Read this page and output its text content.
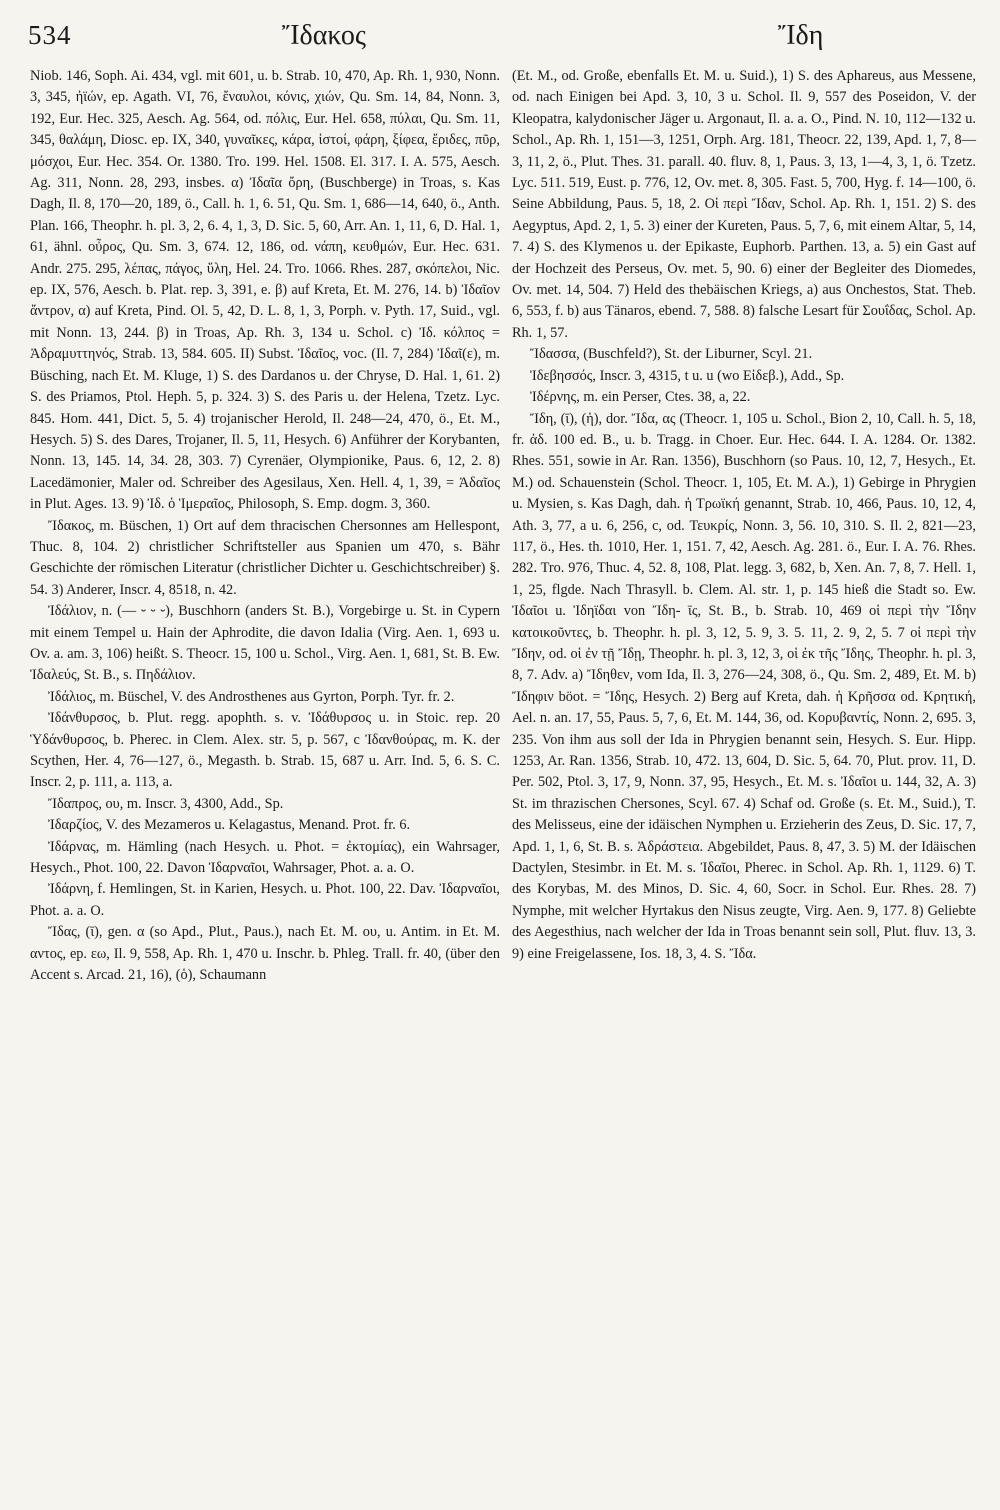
534	Ἴδακος	Ἴδη

Niob. 146, Soph. Ai. 434, vgl. mit 601, u. b. Strab. 10, 470, Ap. Rh. 1, 930, Nonn. 3, 345, ἠϊών, ep. Agath. VI, 76, ἔναυλοι, κόνις, χιών, Qu. Sm. 14, 84, Nonn. 3, 192, Eur. Hec. 325, Aesch. Ag. 564, od. πόλις, Eur. Hel. 658, πύλαι, Qu. Sm. 11, 345, θαλάμη, Diosc. ep. IX, 340, γυναῖκες, κάρα, ἱστοί, φάρη, ξίφεα, ἔριδες, πῦρ, μόσχοι, Eur. Hec. 354. Or. 1380. Tro. 199. Hel. 1508. El. 317. I. A. 575, Aesch. Ag. 311, Nonn. 28, 293, insbes. α) Ἰδαῖα ὄρη, (Buschberge) in Troas, s. Kas Dagh, Il. 8, 170—20, 189, ö., Call. h. 1, 6. 51, Qu. Sm. 1, 686—14, 640, ö., Anth. Plan. 166, Theophr. h. pl. 3, 2, 6. 4, 1, 3, D. Sic. 5, 60, Arr. An. 1, 11, 6, D. Hal. 1, 61, ähnl. οὖρος, Qu. Sm. 3, 674. 12, 186, od. νάπη, κευθμών, Eur. Hec. 631. Andr. 275. 295, λέπας, πάγος, ὕλη, Hel. 24. Tro. 1066. Rhes. 287, σκόπελοι, Nic. ep. IX, 576, Aesch. b. Plat. rep. 3, 391, e. β) auf Kreta, Et. M. 276, 14. b) Ἰδαῖον ἄντρον, α) auf Kreta, Pind. Ol. 5, 42, D. L. 8, 1, 3, Porph. v. Pyth. 17, Suid., vgl. mit Nonn. 13, 244. β) in Troas, Ap. Rh. 3, 134 u. Schol. c) Ἰδ. κόλπος = Ἀδραμυττηνός, Strab. 13, 584. 605. II) Subst. Ἰδαῖος, voc. (Il. 7, 284) Ἰδαῖ(ε), m. Büsching, nach Et. M. Kluge, 1) S. des Dardanos u. der Chryse, D. Hal. 1, 61. 2) S. des Priamos, Ptol. Heph. 5, p. 324. 3) S. des Paris u. der Helena, Tzetz. Lyc. 845. Hom. 441, Dict. 5, 5. 4) trojanischer Herold, Il. 248—24, 470, ö., Et. M., Hesych. 5) S. des Dares, Trojaner, Il. 5, 11, Hesych. 6) Anführer der Korybanten, Nonn. 13, 145. 14, 34. 28, 303. 7) Cyrenäer, Olympionike, Paus. 6, 12, 2. 8) Lacedämonier, Maler od. Schreiber des Agesilaus, Xen. Hell. 4, 1, 39, = Ἀδαῖος in Plut. Ages. 13. 9) Ἰδ. ὁ Ἱμεραῖος, Philosoph, S. Emp. dogm. 3, 360.

Ἴδακος, m. Büschen, 1) Ort auf dem thracischen Chersonnes am Hellespont, Thuc. 8, 104. 2) christlicher Schriftsteller aus Spanien um 470, s. Bähr Geschichte der römischen Literatur (christlicher Dichter u. Geschichtschreiber) §. 54. 3) Anderer, Inscr. 4, 8518, n. 42.

Ἰδάλιον, n. (— ⏑ ⏑ ⏑), Buschhorn (anders St. B.), Vorgebirge u. St. in Cypern mit einem Tempel u. Hain der Aphrodite, die davon Idalia (Virg. Aen. 1, 693 u. Ov. a. am. 3, 106) heißt. S. Theocr. 15, 100 u. Schol., Virg. Aen. 1, 681, St. B. Ew. Ἰδαλεύς, St. B., s. Πηδάλιον.

Ἰδάλιος, m. Büschel, V. des Androsthenes aus Gyrton, Porph. Tyr. fr. 2.

Ἰδάνθυρσος, b. Plut. regg. apophth. s. v. Ἰδάθυρσος u. in Stoic. rep. 20 Ὑδάνθυρσος, b. Pherec. in Clem. Alex. str. 5, p. 567, c Ἰδανθούρας, m. K. der Scythen, Her. 4, 76—127, ö., Megasth. b. Strab. 15, 687 u. Arr. Ind. 5, 6. S. C. Inscr. 2, p. 111, a. 113, a.

Ἴδαπρος, ου, m. Inscr. 3, 4300, Add., Sp.

Ἰδαρζίος, V. des Mezameros u. Kelagastus, Menand. Prot. fr. 6.

Ἰδάρνας, m. Hämling (nach Hesych. u. Phot. = ἐκτομίας), ein Wahrsager, Hesych., Phot. 100, 22. Davon Ἰδαρναῖοι, Wahrsager, Phot. a. a. O.

Ἰδάρνη, f. Hemlingen, St. in Karien, Hesych. u. Phot. 100, 22. Dav. Ἰδαρναῖοι, Phot. a. a. O.

Ἴδας, (ῑ), gen. α (so Apd., Plut., Paus.), nach Et. M. ου, u. Antim. in Et. M. αντος, ep. εω, Il. 9, 558, Ap. Rh. 1, 470 u. Inschr. b. Phleg. Trall. fr. 40, (über den Accent s. Arcad. 21, 16), (ὁ), Schaumann

(Et. M., od. Große, ebenfalls Et. M. u. Suid.), 1) S. des Aphareus, aus Messene, od. nach Einigen bei Apd. 3, 10, 3 u. Schol. Il. 9, 557 des Poseidon, V. der Kleopatra, kalydonischer Jäger u. Argonaut, Il. a. a. O., Pind. N. 10, 112—132 u. Schol., Ap. Rh. 1, 151—3, 1251, Orph. Arg. 181, Theocr. 22, 139, Apd. 1, 7, 8—3, 11, 2, ö., Plut. Thes. 31. parall. 40. fluv. 8, 1, Paus. 3, 13, 1—4, 3, 1, ö. Tzetz. Lyc. 511. 519, Eust. p. 776, 12, Ov. met. 8, 305. Fast. 5, 700, Hyg. f. 14—100, ö. Seine Abbildung, Paus. 5, 18, 2. Οἱ περὶ Ἴδαν, Schol. Ap. Rh. 1, 151. 2) S. des Aegyptus, Apd. 2, 1, 5. 3) einer der Kureten, Paus. 5, 7, 6, mit einem Altar, 5, 14, 7. 4) S. des Klymenos u. der Epikaste, Euphorb. Parthen. 13, a. 5) ein Gast auf der Hochzeit des Perseus, Ov. met. 5, 90. 6) einer der Begleiter des Diomedes, Ov. met. 14, 504. 7) Held des thebäischen Kriegs, a) aus Onchestos, Stat. Theb. 6, 553, f. b) aus Tänaros, ebend. 7, 588. 8) falsche Lesart für Σουΐδας, Schol. Ap. Rh. 1, 57.

Ἴδασσα, (Buschfeld?), St. der Liburner, Scyl. 21.

Ἰδεβησσός, Inscr. 3, 4315, t u. u (wo Εἰδεβ.), Add., Sp.

Ἰδέρνης, m. ein Perser, Ctes. 38, a, 22.

Ἴδη, (ῑ), (ἡ), dor. Ἴδα, ας (Theocr. 1, 105 u. Schol., Bion 2, 10, Call. h. 5, 18, fr. ἀδ. 100 ed. B., u. b. Tragg. in Choer. Eur. Hec. 644. I. A. 1284. Or. 1382. Rhes. 551, sowie in Ar. Ran. 1356), Buschhorn (so Paus. 10, 12, 7, Hesych., Et. M.) od. Schauenstein (Schol. Theocr. 1, 105, Et. M. A.), 1) Gebirge in Phrygien u. Mysien, s. Kas Dagh, dah. ἡ Τρωϊκή genannt, Strab. 10, 466, Paus. 10, 12, 4, Ath. 3, 77, a u. 6, 256, c, od. Τευκρίς, Nonn. 3, 56. 10, 310. S. Il. 2, 821—23, 117, ö., Hes. th. 1010, Her. 1, 151. 7, 42, Aesch. Ag. 281. ö., Eur. I. A. 76. Rhes. 282. Tro. 976, Thuc. 4, 52. 8, 108, Plat. legg. 3, 682, b, Xen. An. 7, 8, 7. Hell. 1, 1, 25, flgde. Nach Thrasyll. b. Clem. Al. str. 1, p. 145 hieß die Stadt so. Ew. Ἰδαῖοι u. Ἰδηϊδαι von Ἴδη- ῑς, St. B., b. Strab. 10, 469 οἱ περὶ τὴν Ἴδην κατοικοῦντες, b. Theophr. h. pl. 3, 12, 5. 9, 3. 5. 11, 2. 9, 2, 5. 7 οἱ περὶ τὴν Ἴδην, od. οἱ ἐν τῇ Ἴδῃ, Theophr. h. pl. 3, 12, 3, οἱ ἐκ τῆς Ἴδης, Theophr. h. pl. 3, 8, 7. Adv. a) Ἴδηθεν, vom Ida, Il. 3, 276—24, 308, ö., Qu. Sm. 2, 489, Et. M. b) Ἴδηφιν böot. = Ἴδης, Hesych. 2) Berg auf Kreta, dah. ἡ Κρῆσσα od. Κρητική, Ael. n. an. 17, 55, Paus. 5, 7, 6, Et. M. 144, 36, od. Κορυβαντίς, Nonn. 2, 695. 3, 235. Von ihm aus soll der Ida in Phrygien benannt sein, Hesych. S. Eur. Hipp. 1253, Ar. Ran. 1356, Strab. 10, 472. 13, 604, D. Sic. 5, 64. 70, Plut. prov. 11, D. Per. 502, Ptol. 3, 17, 9, Nonn. 37, 95, Hesych., Et. M. s. Ἰδαῖοι u. 144, 32, A. 3) St. im thrazischen Chersones, Scyl. 67. 4) Schaf od. Große (s. Et. M., Suid.), T. des Melisseus, eine der idäischen Nymphen u. Erzieherin des Zeus, D. Sic. 17, 7, Apd. 1, 1, 6, St. B. s. Ἀδράστεια. Abgebildet, Paus. 8, 47, 3. 5) M. der Idäischen Dactylen, Stesimbr. in Et. M. s. Ἰδαῖοι, Pherec. in Schol. Ap. Rh. 1, 1129. 6) T. des Korybas, M. des Minos, D. Sic. 4, 60, Socr. in Schol. Eur. Rhes. 28. 7) Nymphe, mit welcher Hyrtakus den Nisus zeugte, Virg. Aen. 9, 177. 8) Geliebte des Aegesthius, nach welcher der Ida in Troas benannt sein soll, Plut. fluv. 13, 3. 9) eine Freigelassene, Ios. 18, 3, 4. S. Ἴδα.
